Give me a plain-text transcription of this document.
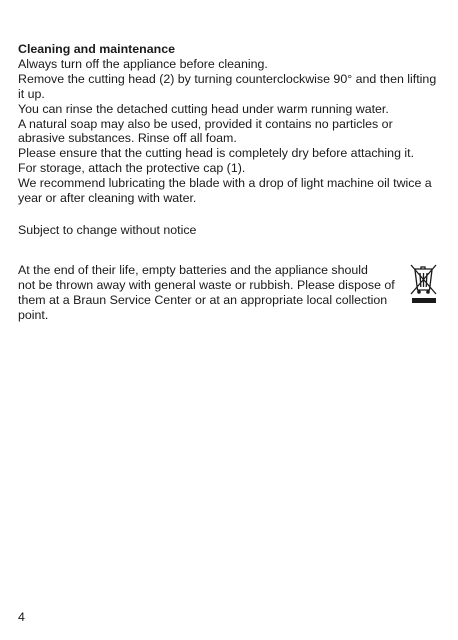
Cleaning and maintenance
Always turn off the appliance before cleaning.
Remove the cutting head (2) by turning counterclockwise 90° and then lifting
it up.
You can rinse the detached cutting head under warm running water.
A natural soap may also be used, provided it contains no particles or
abrasive substances. Rinse off all foam.
Please ensure that the cutting head is completely dry before attaching it.
For storage, attach the protective cap (1).
We recommend lubricating the blade with a drop of light machine oil twice a
year or after cleaning with water.
Subject to change without notice
At the end of their life, empty batteries and the appliance should
not be thrown away with general waste or rubbish. Please dispose of
them at a Braun Service Center or at an appropriate local collection
point.
4
